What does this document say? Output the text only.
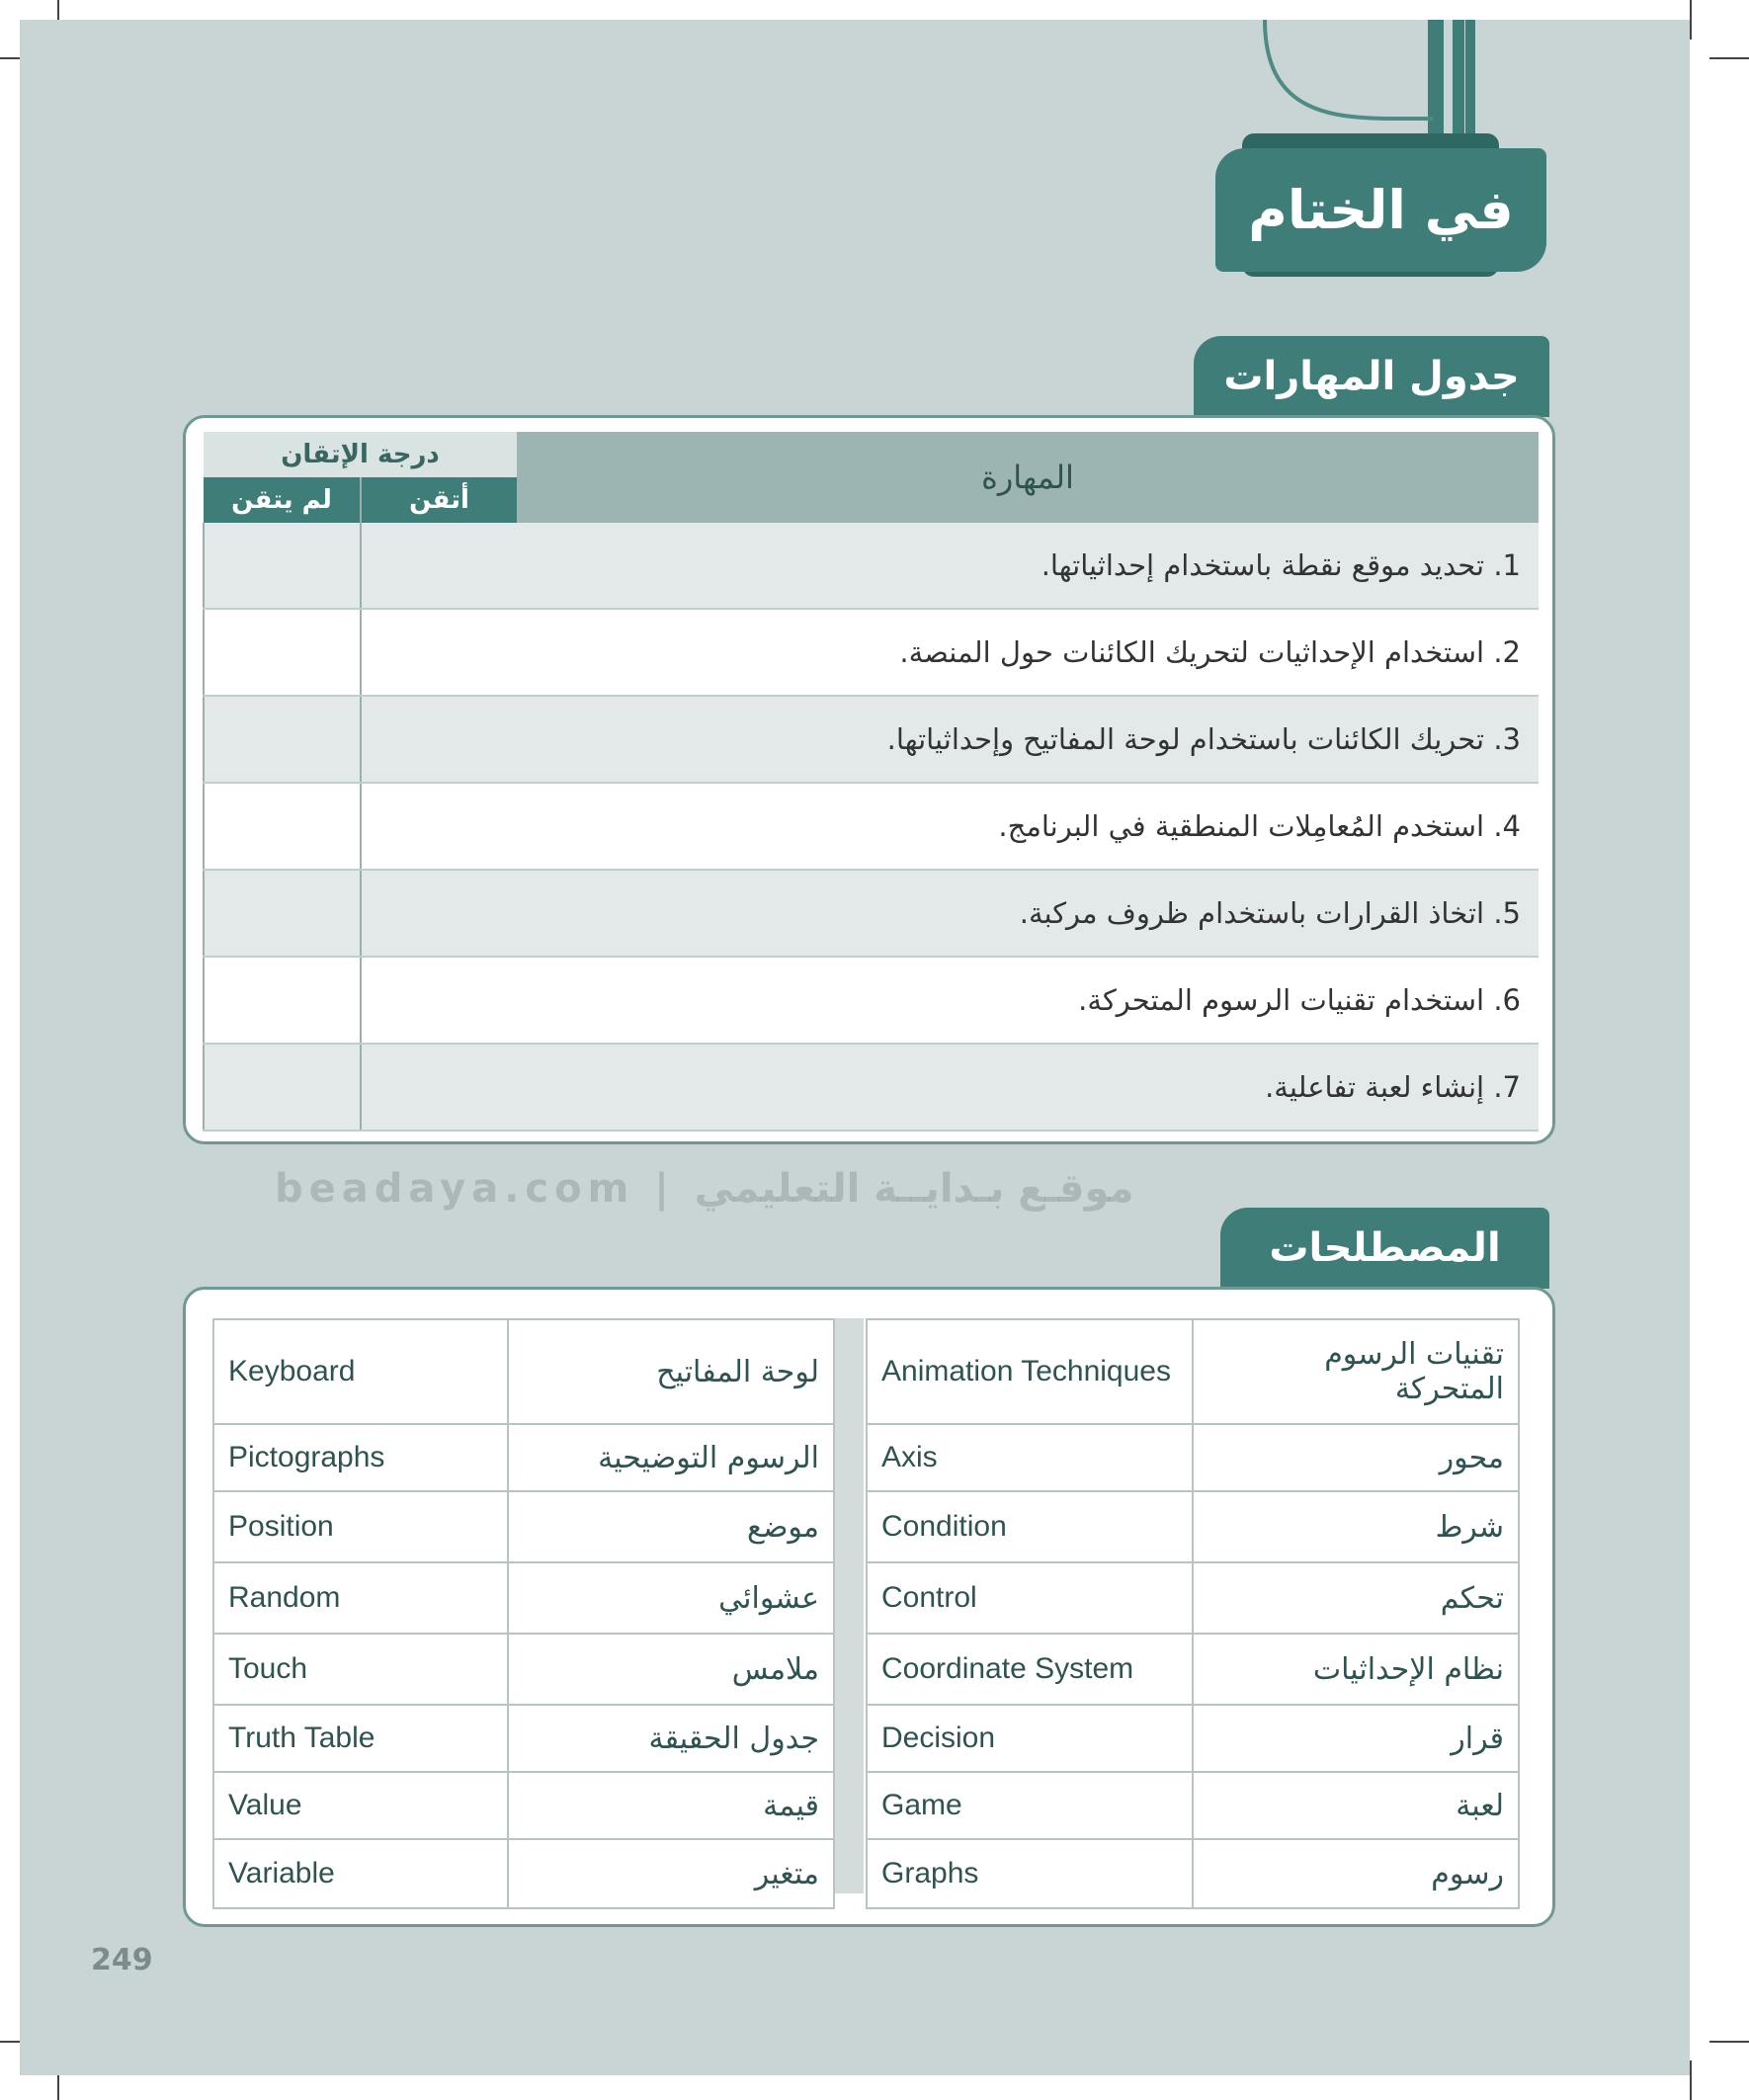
في الختام
beadaya.com | موقـع بـدايــة التعليمي
جدول المهارات
المهارة	درجة الإتقان	
	أتقن	لم يتقن
1. تحديد موقع نقطة باستخدام إحداثياتها.		
2. استخدام الإحداثيات لتحريك الكائنات حول المنصة.		
3. تحريك الكائنات باستخدام لوحة المفاتيح وإحداثياتها.		
4. استخدم المُعامِلات المنطقية في البرنامج.		
5. اتخاذ القرارات باستخدام ظروف مركبة.		
6. استخدام تقنيات الرسوم المتحركة.		
7. إنشاء لعبة تفاعلية.		
المصطلحات
Keyboard	لوحة المفاتيح
Pictographs	الرسوم التوضيحية
Position	موضع
Random	عشوائي
Touch	ملامس
Truth Table	جدول الحقيقة
Value	قيمة
Variable	متغير
Animation Techniques	تقنيات الرسوم المتحركة
Axis	محور
Condition	شرط
Control	تحكم
Coordinate System	نظام الإحداثيات
Decision	قرار
Game	لعبة
Graphs	رسوم
249
